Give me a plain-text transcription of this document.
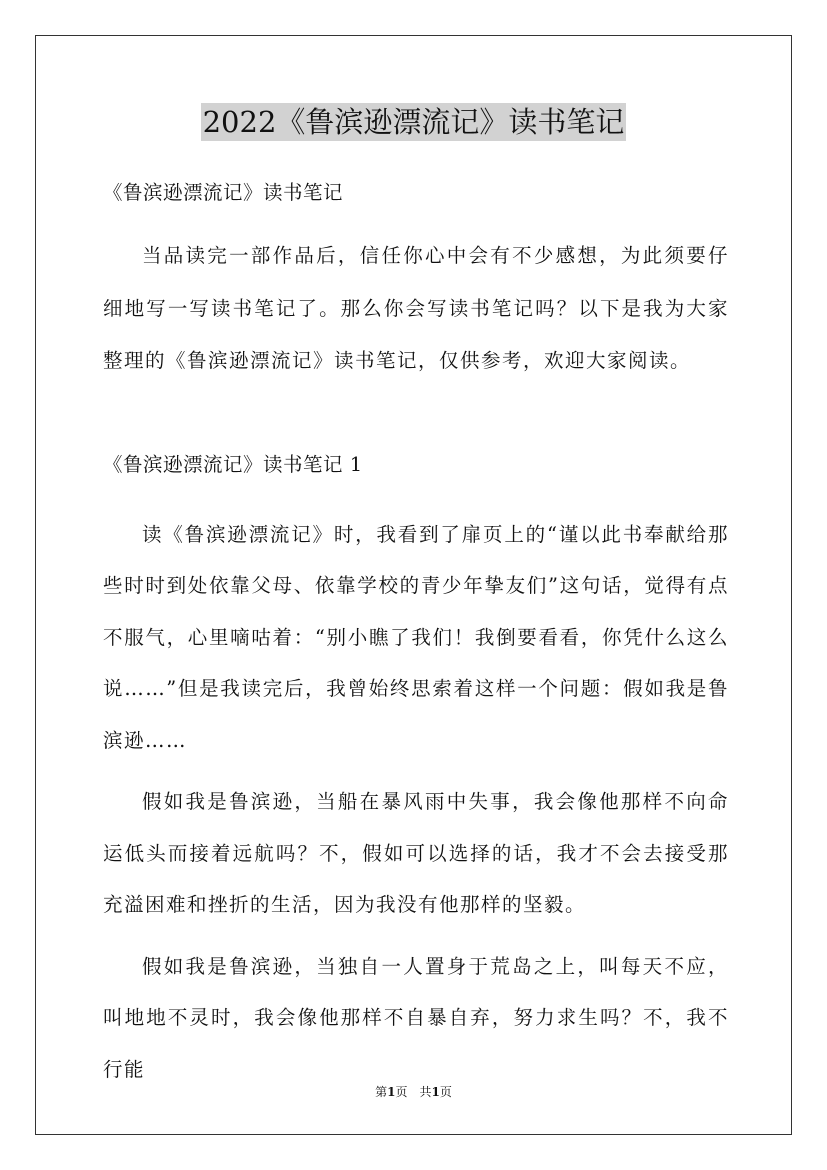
2022《鲁滨逊漂流记》读书笔记

《鲁滨逊漂流记》读书笔记

当品读完一部作品后，信任你心中会有不少感想，为此须要仔细地写一写读书笔记了。那么你会写读书笔记吗？以下是我为大家整理的《鲁滨逊漂流记》读书笔记，仅供参考，欢迎大家阅读。

《鲁滨逊漂流记》读书笔记 1

读《鲁滨逊漂流记》时，我看到了扉页上的“谨以此书奉献给那些时时到处依靠父母、依靠学校的青少年挚友们”这句话，觉得有点不服气，心里嘀咕着：“别小瞧了我们！我倒要看看，你凭什么这么说……”但是我读完后，我曾始终思索着这样一个问题：假如我是鲁滨逊……

假如我是鲁滨逊，当船在暴风雨中失事，我会像他那样不向命运低头而接着远航吗？不，假如可以选择的话，我才不会去接受那充溢困难和挫折的生活，因为我没有他那样的坚毅。

假如我是鲁滨逊，当独自一人置身于荒岛之上，叫每天不应，叫地地不灵时，我会像他那样不自暴自弃，努力求生吗？不，我不行能

第1页　共1页
